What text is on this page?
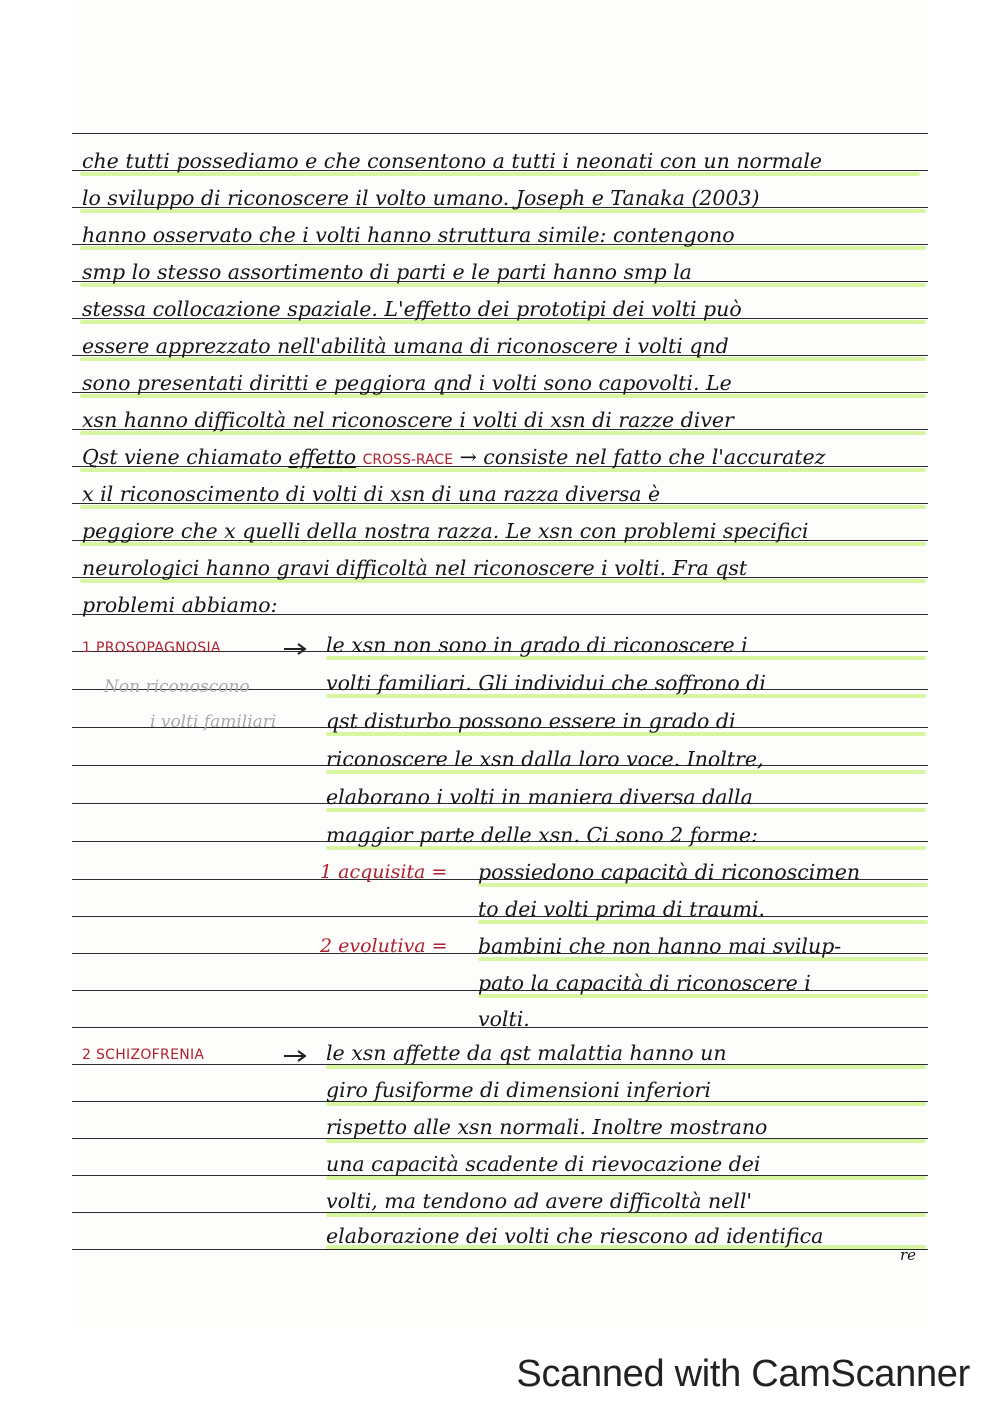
che tutti possediamo e che consentono a tutti i neonati con un normale
lo sviluppo di riconoscere il volto umano. Joseph e Tanaka (2003)
hanno osservato che i volti hanno struttura simile: contengono
smp lo stesso assortimento di parti e le parti hanno smp la
stessa collocazione spaziale. L'effetto dei prototipi dei volti può
essere apprezzato nell'abilità umana di riconoscere i volti qnd
sono presentati diritti e peggiora qnd i volti sono capovolti. Le
xsn hanno difficoltà nel riconoscere i volti di xsn di razze diver
Qst viene chiamato effetto CROSS-RACE → consiste nel fatto che l'accuratez
x il riconoscimento di volti di xsn di una razza diversa è
peggiore che x quelli della nostra razza. Le xsn con problemi specifici
neurologici hanno gravi difficoltà nel riconoscere i volti. Fra qst
problemi abbiamo:
1 PROSOPAGNOSIA
Non riconoscono
i volti familiari
le xsn non sono in grado di riconoscere i
volti familiari. Gli individui che soffrono di
qst disturbo possono essere in grado di
riconoscere le xsn dalla loro voce. Inoltre,
elaborano i volti in maniera diversa dalla
maggior parte delle xsn. Ci sono 2 forme:
1 acquisita = possiedono capacità di riconoscimen
to dei volti prima di traumi.
2 evolutiva = bambini che non hanno mai svilup-
pato la capacità di riconoscere i
volti.
2 SCHIZOFRENIA	le xsn affette da qst malattia hanno un
giro fusiforme di dimensioni inferiori
rispetto alle xsn normali. Inoltre mostrano
una capacità scadente di rievocazione dei
volti, ma tendono ad avere difficoltà nell'
elaborazione dei volti che riescono ad identifica
re
Scanned with CamScanner
